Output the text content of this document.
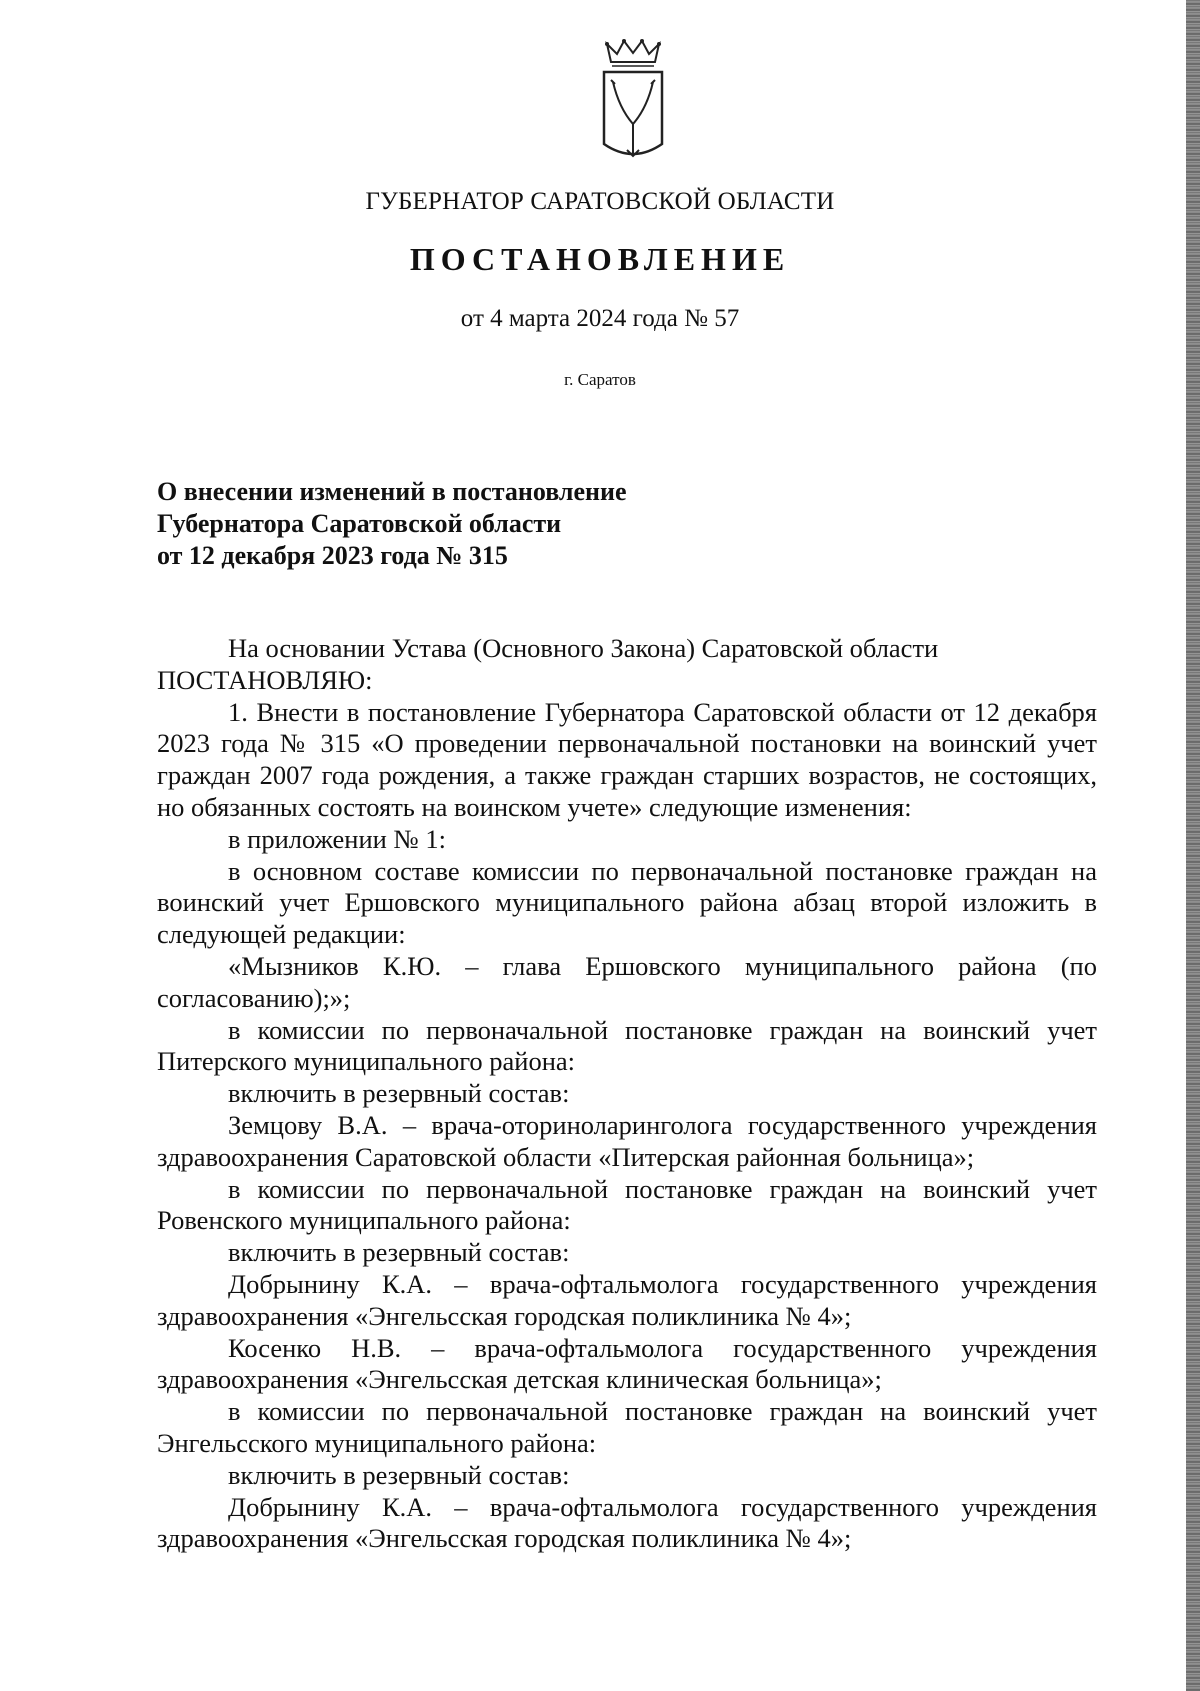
ГУБЕРНАТОР САРАТОВСКОЙ ОБЛАСТИ
ПОСТАНОВЛЕНИЕ
от 4 марта 2024 года № 57
г. Саратов
О внесении изменений в постановление
Губернатора Саратовской области
от 12 декабря 2023 года № 315

На основании Устава (Основного Закона) Саратовской области

ПОСТАНОВЛЯЮ:

1. Внести в постановление Губернатора Саратовской области от 12 декабря 2023 года № 315 «О проведении первоначальной постановки на воинский учет граждан 2007 года рождения, а также граждан старших возрастов, не состоящих, но обязанных состоять на воинском учете» следующие изменения:

в приложении № 1:

в основном составе комиссии по первоначальной постановке граждан на воинский учет Ершовского муниципального района абзац второй изложить в следующей редакции:

«Мызников К.Ю. – глава Ершовского муниципального района (по согласованию);»;

в комиссии по первоначальной постановке граждан на воинский учет Питерского муниципального района:

включить в резервный состав:

Земцову В.А. – врача-оториноларинголога государственного учреждения здравоохранения Саратовской области «Питерская районная больница»;

в комиссии по первоначальной постановке граждан на воинский учет Ровенского муниципального района:

включить в резервный состав:

Добрынину К.А. – врача-офтальмолога государственного учреждения здравоохранения «Энгельсская городская поликлиника № 4»;

Косенко Н.В. – врача-офтальмолога государственного учреждения здравоохранения «Энгельсская детская клиническая больница»;

в комиссии по первоначальной постановке граждан на воинский учет Энгельсского муниципального района:

включить в резервный состав:

Добрынину К.А. – врача-офтальмолога государственного учреждения здравоохранения «Энгельсская городская поликлиника № 4»;
